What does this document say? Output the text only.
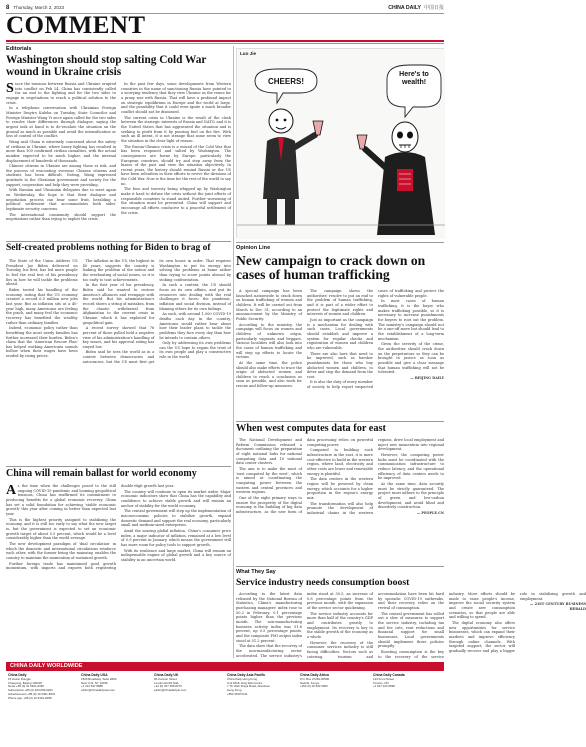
8 Thursday, March 2, 2023	CHINA DAILY 中国日报
COMMENT
Editorials
Washington should stop salting Cold War wound in Ukraine crisis

Since the tensions between Russia and Ukraine erupted into conflict on Feb 24, China has consistently called for an end to the fighting and for the two sides to engage in negotiations to reach a political solution to the crisis.

In a telephone conversation with Ukrainian Foreign Minister Dmytro Kuleba on Tuesday, State Councilor and Foreign Minister Wang Yi once again called for the two sides to resolve their differences through dialogue, saying the urgent task at hand is to de-escalate the situation on the ground as much as possible and avoid the intensification or loss of control of the conflict.

Wang said China is extremely concerned about the safety of civilians in Ukraine, where heavy fighting has resulted in more than 100 confirmed civilian casualties, with the actual number expected to be much higher, and the internal displacement of hundreds of thousands.

Chinese citizens in Ukraine are among those at risk, and the process of evacuating overseas Chinese citizens and students has been difficult. Noting, Wang expressed gratitude to the Ukrainian government and society for the support, cooperation and help they were providing.

With Russian and Ukrainian delegates due to meet again on Wednesday, the hope is that their dialogue and negotiation process can bear some fruit, heralding a political settlement that accommodates both sides' legitimate security concerns.

The international community should support the negotiations rather than trying to exploit the crisis.

In the past few days, some developments from Western countries in the name of sanctioning Russia have pointed to a worrying tendency that they view Ukraine as the venue for a proxy war with Russia. That will have a profound impact on strategic equilibrium in Europe and the world at large, and the possibility that it could even ignite a much broader conflict should not be dismissed.

The current crisis in Ukraine is the result of the clash between the strategic interests of Russia and NATO, and it is the United States that has aggravated the situation and is seeking to profit from it by pouring fuel on the fire. With such an ill intent, it is not strange that some seem to view the situation in the clear light of reason.

The Russia-Ukraine crisis is a wound of the Cold War that has been reopened and salted by Washington. The consequences are borne by Europe, particularly the European countries, should try and step away from the biases of the past and view the situation objectively. In recent years, the history should remind Russia or the US have been relentless in their efforts to revive the divisions of the Cold War. Now is the time for the rest of the world to say no.

The four and travesty being whipped up by Washington make it hard to defuse the crisis without the joint efforts of responsible countries to stand united. Further worsening of the situation must be prevented. China will support and encourage all efforts conducive to a peaceful settlement of the crisis.

Self-created problems nothing for Biden to brag of

The State of the Union Address US President Joe Biden delivered on Tuesday, his first, has led more people to feel the real test of his presidency lies in how he will tackle the problems ahead.

Biden touted his handling of the economy, noting that the US economy created a record 6.5 million new jobs last year. But as inflation sits at a 40-year high, many Americans are feeling the pinch, and many feel the economic recovery has benefited the wealthy rather than ordinary families.

Indeed, economic policy rather than benefiting the most needy families has further increased their burden. Biden's claim that the 'American Rescue Plan' has helped working Americans sounds hollow when their wages have been eroded by rising prices.

The inflation in the US, the highest in 40 years, suggests the country is leaking the problem of the nation and the overheating of social issues, so it is too early to tout achievements.

In the first year of his presidency, Biden said he wanted to restore America's alliances and reengage with the world. But his administration's record shows a string of mistakes, from the chaotic withdrawal from Afghanistan to the current crisis in Ukraine, which it has exploited for geopolitical gain.

A recent survey showed that 76 percent of those polled held a negative view of his administration's handling of key issues, and his approval rating has stayed low.

Biden said he sees the world as in a contest between democracies and autocracies, but the US must first get its own house in order. That requires Washington to put its energy into solving the problems at home rather than trying to score points abroad by stoking confrontation.

In such a context, the US should focus on its own affairs, and put its resources into dealing with the real challenges it faces: the pandemic, inflation and social division, instead of blaming others for its own failings.

As such, with around 1,000 COVID-19 deaths each day in the country, Americans would rather hear about how their leader plans to tackle the problems they face every day than how he intends to contain others.

Only by addressing its own problems can the US hope to regain the trust of its own people and play a constructive role in the world.

China will remain ballast for world economy

As the time when the challenges posed to the still ongoing COVID-19 pandemic and looming geopolitical tensions, China has reaffirmed its commitment to producing benefits for a global economic recovery. China has set a solid foundation for achieving 'stable economic growth' this year after coming in better than expected last year.

This is the highest priority assigned to stabilizing the economy, and it is still too early to say what the new target is, but the government is expected to set an economic growth target of about 5.5 percent, which would be a level considerably higher than the world average.

The new development paradigm of 'dual circulation' in which the domestic and international circulations reinforce each other, with the former being the mainstay, enables the country to maintain the momentum of sustained growth.

Further foreign trade has maintained good growth momentum, with imports and exports both registering double-digit growth last year.

The country will continue to open its market wider. Major economic indicators show that China has the capability and confidence to achieve stable growth and will remain an anchor of stability for the world economy.

The central government will step up the implementation of macroeconomic policies to stabilize growth, expand domestic demand and support the real economy, particularly small and medium-sized enterprises.

Amid the soaring global inflation, China's consumer price index, a major indicator of inflation, remained at a low level of 0.9 percent in January, which means the government still has more room for policy tools to support growth.

With its resilience and large market, China will remain an indispensable engine of global growth and a key source of stability in an uncertain world.

Luo Jie
CHEERS!
Here's to wealth!
Opinion Line
New campaign to crack down on cases of human trafficking

A special campaign has been launched nationwide to crack down on human trafficking of women and children. It will be carried out from March to Dec 31, according to an announcement by the Ministry of Public Security.

According to the ministry, the campaign will focus on women and children of unknown origin, particularly vagrants and beggars. Various localities will also look into the cases of human trafficking and will step up efforts to locate the victims.

At the same time, the police should also make efforts to trace the origin of abducted women and children to reach a conclusion as soon as possible, and also work for rescue and follow-up measures.

The campaign shows the authorities' resolve to put an end to the problem of human trafficking, and it is part of a wider effort to protect the legitimate rights and interests of women and children.

Just as important as the campaign is a mechanism for dealing with such cases. Local governments should establish and improve a system for regular checks and registration of women and children who are vulnerable.

There are also laws that need to be improved, such as harsher punishments for those who buy abducted women and children, to deter and stop the demand from the root.

It is also the duty of every member of society to help report suspected cases of trafficking and protect the rights of vulnerable people.

In most cases of human trafficking, it is the buyer who makes trafficking possible, so it is necessary to increase punishments for buyers to root out the problem. The ministry's campaign should not be a one-off move but should lead to the establishment of a long-term mechanism.

Given the severity of the crime, the authorities should crack down on the perpetrators so they can be brought to justice as soon as possible and give a clear message that human trafficking will not be tolerated.

— BEIJING DAILY

When west computes data for east

The National Development and Reform Commission released a document outlining the preparation of eight national hubs for national computing data and 10 national data center clusters.

The aim is to make the most of 'east computed by the west', which is aimed at coordinating the computing power between the eastern and central provinces and western regions.

One of the eight primary ways to ensure the prosperity of the digital economy is the building of big data infrastructure, as the new form of data processing relies on powerful computing power.

Compared to building such infrastructure in the east, it is more cost-effective to build in the western region, where land, electricity and other costs are lower and renewable energy is plentiful.

The data centers in the western region will be powered by clean energy, which accounts for a higher proportion in the region's energy mix.

The transformation will also help promote the development of industrial chains in the western regions, drive local employment and inject new momentum into regional development.

However, the computing power hubs must be coordinated with the communication infrastructure to reduce latency, and the operational efficiency of data centers needs to be improved.

At the same time, data security must be strictly guaranteed. The project must adhere to the principle of green and low-carbon development, and avoid blind and disorderly construction.

— PEOPLE.CN

What They Say
Service industry needs consumption boost

According to the latest data released by the National Bureau of Statistics, China's manufacturing purchasing managers' index rose to 50.2 in February, 0.1 percentage points higher than the previous month. The non-manufacturing business activity index was 51.6 percent, up 0.5 percentage points, and the composite PMI output index stood at 51.2 percent.

The data show that the recovery of the non-manufacturing sector accelerated. The service industry's index stood at 50.5, an increase of 0.8 percentage points from the previous month, with the expansion of the service sector quickening.

The service industry accounts for more than half of the country's GDP and contributes greatly to employment. Its recovery is key to the stable growth of the economy as a whole.

However, the recovery of the consumer services industry is still facing difficulties. Sectors such as catering, tourism and accommodation have been hit hard by sporadic COVID-19 outbreaks, and their recovery relies on the revival of consumption.

The central government has rolled out a slew of measures to support the service industry, including tax and fee cuts, rent reductions and financial support for small businesses. Local governments should implement these policies promptly.

Boosting consumption is the key to the recovery of the service industry. More efforts should be made to raise people's income, improve the social security system and create new consumption scenarios, so that people are able and willing to spend.

The digital economy also offers new opportunities for service businesses, which can expand their markets and improve efficiency through online channels. With targeted support, the sector will gradually recover and play a bigger role in stabilizing growth and employment.

— 21ST CENTURY BUSINESS HERALD

CHINA DAILY WORLDWIDE
China Daily
15 Huixin Dongjie,
Chaoyang, Beijing 100029
News +86 (0) 10 6491-8366
Subscription +86 (0) 400-699-0203
Advertisement +86 (0) 10 6491-8631
Phone app: +86 (0) 10 6491-0088
China Daily USA
1500 Broadway, Suite 2800,
New York, NY 10036
+1 212 537 8888
editor@chinadailyusa.com
China Daily UK
90 Cannon Street,
London EC4N 6HA
+44 (0) 207 398 8270
editor@chinadailyuk.com
China Daily Asia Pacific
China Daily Hong Kong
Unit 1818, Hing Wai Centre,
7 Tin Wan Praya Road, Aberdeen
Hong Kong
+852 2518 5111
China Daily Africa
P.O. Box 27281-00506,
Nairobi, Kenya
+254 (0) 20 692 0900
China Daily Canada
123 Front Street,
Toronto, ON
+1 647 343 0838
